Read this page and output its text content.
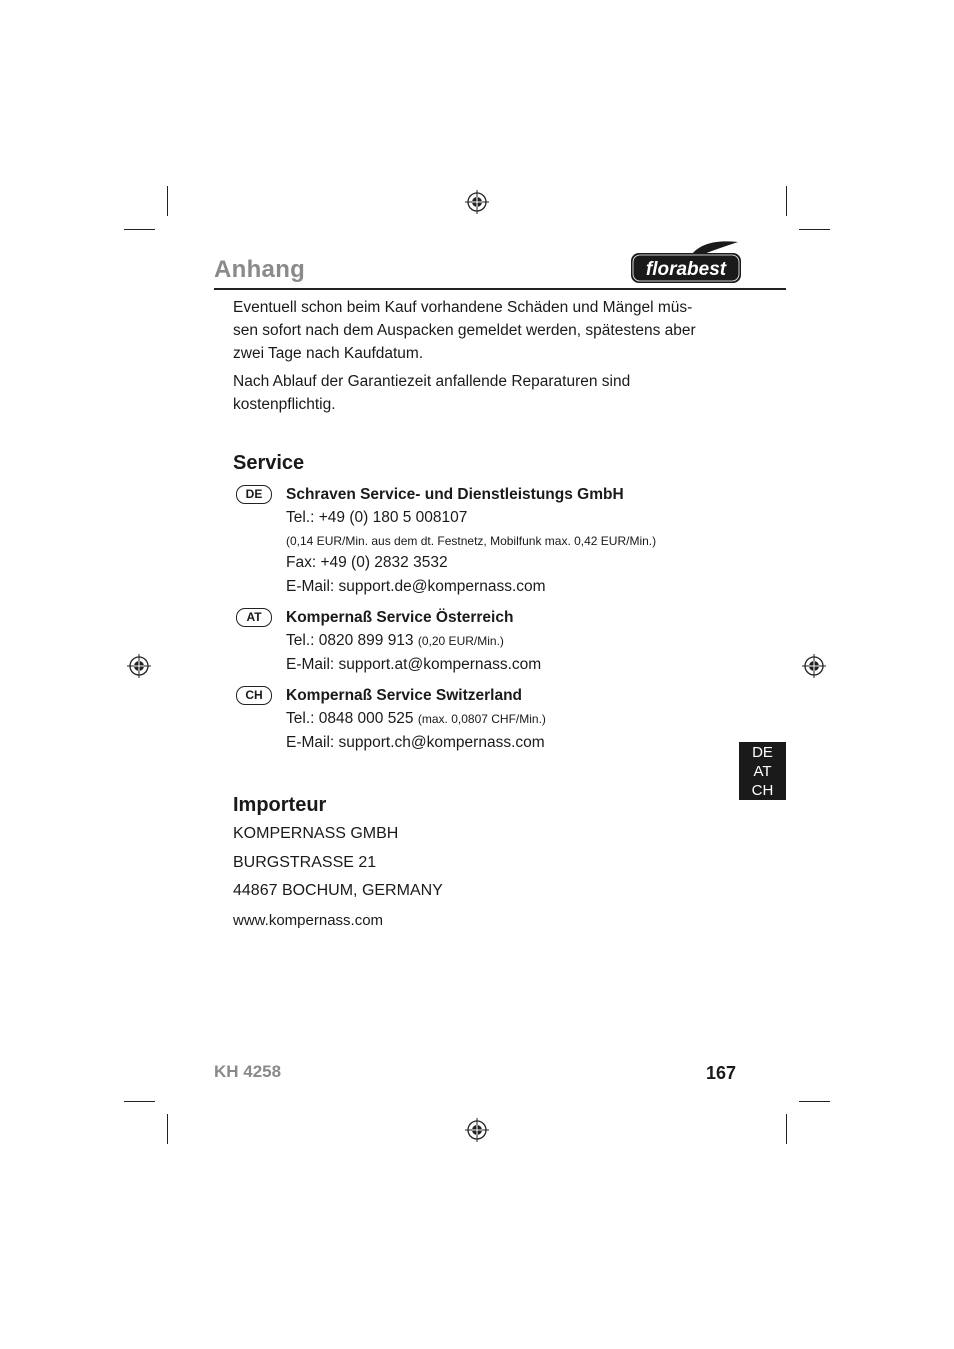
Anhang	florabest
Eventuell schon beim Kauf vorhandene Schäden und Mängel müs-
sen sofort nach dem Auspacken gemeldet werden, spätestens aber
zwei Tage nach Kaufdatum.
Nach Ablauf der Garantiezeit anfallende Reparaturen sind
kostenpflichtig.
Service
DE	Schraven Service- und Dienstleistungs GmbH
Tel.: +49 (0) 180 5 008107
(0,14 EUR/Min. aus dem dt. Festnetz, Mobilfunk max. 0,42 EUR/Min.)
Fax: +49 (0) 2832 3532
E-Mail: support.de@kompernass.com
AT	Kompernaß Service Österreich
Tel.: 0820 899 913 (0,20 EUR/Min.)
E-Mail: support.at@kompernass.com
CH	Kompernaß Service Switzerland
Tel.: 0848 000 525 (max. 0,0807 CHF/Min.)
E-Mail: support.ch@kompernass.com
DE
AT
CH
Importeur
KOMPERNASS GMBH
BURGSTRASSE 21
44867 BOCHUM, GERMANY
www.kompernass.com
KH 4258	167
